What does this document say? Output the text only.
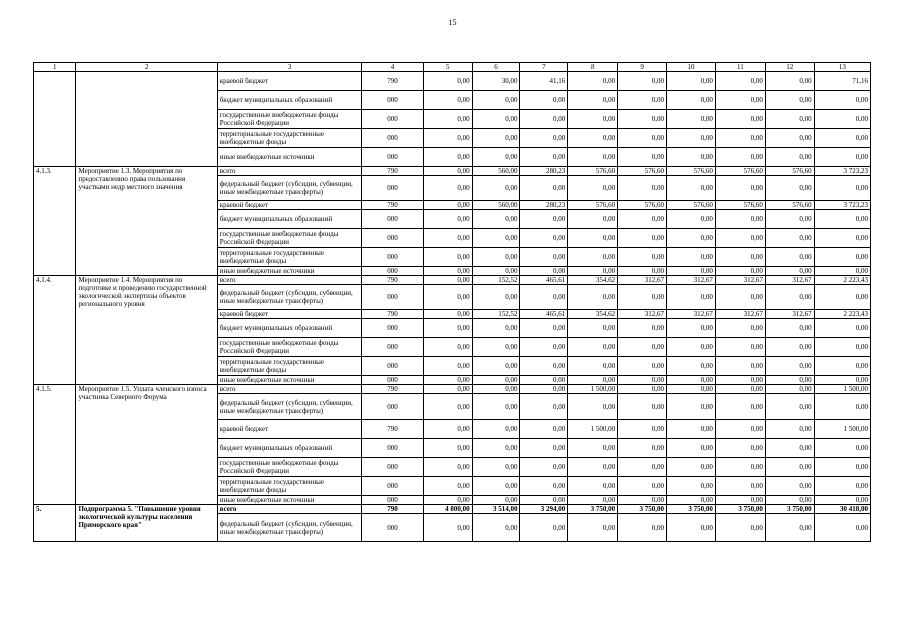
15
1	2	3	4	5	6	7	8	9	10	11	12	13
		краевой бюджет	790	0,00	30,00	41,16	0,00	0,00	0,00	0,00	0,00	71,16
		бюджет муниципальных образований	000	0,00	0,00	0,00	0,00	0,00	0,00	0,00	0,00	0,00
		государственные внебюджетные фонды Российской Федерации	000	0,00	0,00	0,00	0,00	0,00	0,00	0,00	0,00	0,00
		территориальные государственные внебюджетные фонды	000	0,00	0,00	0,00	0,00	0,00	0,00	0,00	0,00	0,00
		иные внебюджетные источники	000	0,00	0,00	0,00	0,00	0,00	0,00	0,00	0,00	0,00
4.1.3.	Мероприятие 1.3. Мероприятия по предоставлению права пользования участками недр местного значения	всего	790	0,00	560,00	280,23	576,60	576,60	576,60	576,60	576,60	3 723,23
		федеральный бюджет (субсидии, субвенции, иные межбюджетные трансферты)	000	0,00	0,00	0,00	0,00	0,00	0,00	0,00	0,00	0,00
		краевой бюджет	790	0,00	560,00	280,23	576,60	576,60	576,60	576,60	576,60	3 723,23
		бюджет муниципальных образований	000	0,00	0,00	0,00	0,00	0,00	0,00	0,00	0,00	0,00
		государственные внебюджетные фонды Российской Федерации	000	0,00	0,00	0,00	0,00	0,00	0,00	0,00	0,00	0,00
		территориальные государственные внебюджетные фонды	000	0,00	0,00	0,00	0,00	0,00	0,00	0,00	0,00	0,00
		иные внебюджетные источники	000	0,00	0,00	0,00	0,00	0,00	0,00	0,00	0,00	0,00
4.1.4.	Мероприятие 1.4. Мероприятия по подготовке и проведению государственной экологической экспертизы объектов регионального уровня	всего	790	0,00	152,52	465,61	354,62	312,67	312,67	312,67	312,67	2 223,43
		федеральный бюджет (субсидии, субвенции, иные межбюджетные трансферты)	000	0,00	0,00	0,00	0,00	0,00	0,00	0,00	0,00	0,00
		краевой бюджет	790	0,00	152,52	465,61	354,62	312,67	312,67	312,67	312,67	2 223,43
		бюджет муниципальных образований	000	0,00	0,00	0,00	0,00	0,00	0,00	0,00	0,00	0,00
		государственные внебюджетные фонды Российской Федерации	000	0,00	0,00	0,00	0,00	0,00	0,00	0,00	0,00	0,00
		территориальные государственные внебюджетные фонды	000	0,00	0,00	0,00	0,00	0,00	0,00	0,00	0,00	0,00
		иные внебюджетные источники	000	0,00	0,00	0,00	0,00	0,00	0,00	0,00	0,00	0,00
4.1.5.	Мероприятие 1.5. Уплата членского взноса участника Северного Форума	всего	790	0,00	0,00	0,00	1 500,00	0,00	0,00	0,00	0,00	1 500,00
		федеральный бюджет (субсидии, субвенции, иные межбюджетные трансферты)	000	0,00	0,00	0,00	0,00	0,00	0,00	0,00	0,00	0,00
		краевой бюджет	790	0,00	0,00	0,00	1 500,00	0,00	0,00	0,00	0,00	1 500,00
		бюджет муниципальных образований	000	0,00	0,00	0,00	0,00	0,00	0,00	0,00	0,00	0,00
		государственные внебюджетные фонды Российской Федерации	000	0,00	0,00	0,00	0,00	0,00	0,00	0,00	0,00	0,00
		территориальные государственные внебюджетные фонды	000	0,00	0,00	0,00	0,00	0,00	0,00	0,00	0,00	0,00
		иные внебюджетные источники	000	0,00	0,00	0,00	0,00	0,00	0,00	0,00	0,00	0,00
5.	Подпрограмма 5. "Повышение уровня экологической культуры населения Приморского края"	всего	790	4 800,00	3 514,00	3 294,00	3 750,00	3 750,00	3 750,00	3 750,00	3 750,00	30 418,00
		федеральный бюджет (субсидии, субвенции, иные межбюджетные трансферты)	000	0,00	0,00	0,00	0,00	0,00	0,00	0,00	0,00	0,00
